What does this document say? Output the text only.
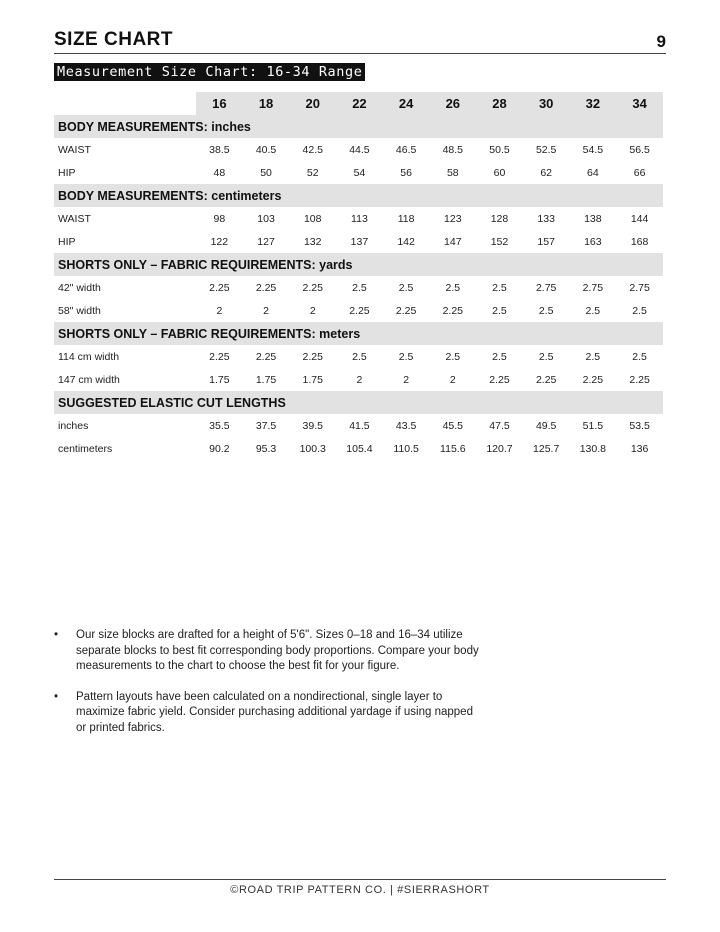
SIZE CHART	9
Measurement Size Chart: 16-34 Range
	16	18	20	22	24	26	28	30	32	34
BODY MEASUREMENTS: inches										
WAIST	38.5	40.5	42.5	44.5	46.5	48.5	50.5	52.5	54.5	56.5
HIP	48	50	52	54	56	58	60	62	64	66
BODY MEASUREMENTS: centimeters										
WAIST	98	103	108	113	118	123	128	133	138	144
HIP	122	127	132	137	142	147	152	157	163	168
SHORTS ONLY – FABRIC REQUIREMENTS: yards										
42" width	2.25	2.25	2.25	2.5	2.5	2.5	2.5	2.75	2.75	2.75
58" width	2	2	2	2.25	2.25	2.25	2.5	2.5	2.5	2.5
SHORTS ONLY – FABRIC REQUIREMENTS: meters										
114 cm width	2.25	2.25	2.25	2.5	2.5	2.5	2.5	2.5	2.5	2.5
147 cm width	1.75	1.75	1.75	2	2	2	2.25	2.25	2.25	2.25
SUGGESTED ELASTIC CUT LENGTHS										
inches	35.5	37.5	39.5	41.5	43.5	45.5	47.5	49.5	51.5	53.5
centimeters	90.2	95.3	100.3	105.4	110.5	115.6	120.7	125.7	130.8	136
• Our size blocks are drafted for a height of 5'6". Sizes 0–18 and 16–34 utilize separate blocks to best fit corresponding body proportions. Compare your body measurements to the chart to choose the best fit for your figure.
• Pattern layouts have been calculated on a nondirectional, single layer to maximize fabric yield. Consider purchasing additional yardage if using napped or printed fabrics.
©ROAD TRIP PATTERN CO. | #SIERRASHORT
